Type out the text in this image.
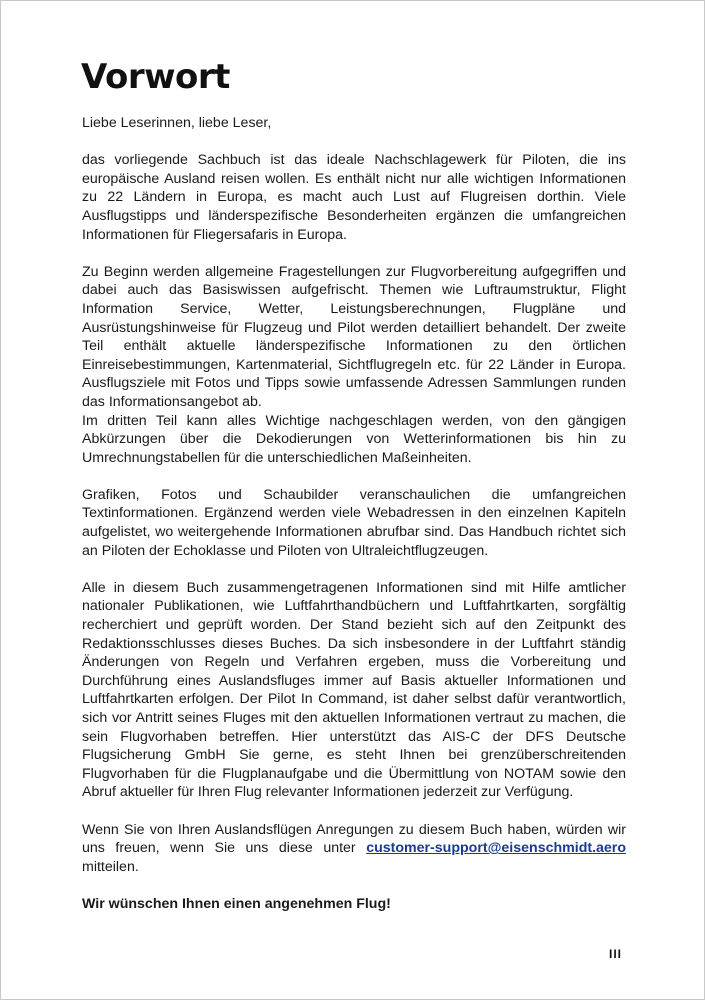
Vorwort

Liebe Leserinnen, liebe Leser,

das vorliegende Sachbuch ist das ideale Nachschlagewerk für Piloten, die ins europäische Ausland reisen wollen. Es enthält nicht nur alle wichtigen Informationen zu 22 Ländern in Europa, es macht auch Lust auf Flugreisen dorthin. Viele Ausflugstipps und länderspezifische Besonderheiten ergänzen die umfangreichen Informationen für Fliegersafaris in Europa.

Zu Beginn werden allgemeine Fragestellungen zur Flugvorbereitung aufgegriffen und dabei auch das Basiswissen aufgefrischt. Themen wie Luftraumstruktur, Flight Information Service, Wetter, Leistungsberechnungen, Flugpläne und Ausrüstungshinweise für Flugzeug und Pilot werden detailliert behandelt. Der zweite Teil enthält aktuelle länderspezifische Informationen zu den örtlichen Einreisebestimmungen, Kartenmaterial, Sichtflugregeln etc. für 22 Länder in Europa. Ausflugsziele mit Fotos und Tipps sowie umfassende Adressen Sammlungen runden das Informationsangebot ab.

Im dritten Teil kann alles Wichtige nachgeschlagen werden, von den gängigen Abkürzungen über die Dekodierungen von Wetterinformationen bis hin zu Umrechnungstabellen für die unterschiedlichen Maßeinheiten.

Grafiken, Fotos und Schaubilder veranschaulichen die umfangreichen Textinformationen. Ergänzend werden viele Webadressen in den einzelnen Kapiteln aufgelistet, wo weitergehende Informationen abrufbar sind. Das Handbuch richtet sich an Piloten der Echoklasse und Piloten von Ultraleichtflugzeugen.

Alle in diesem Buch zusammengetragenen Informationen sind mit Hilfe amtlicher nationaler Publikationen, wie Luftfahrthandbüchern und Luftfahrtkarten, sorgfältig recherchiert und geprüft worden. Der Stand bezieht sich auf den Zeitpunkt des Redaktionsschlusses dieses Buches. Da sich insbesondere in der Luftfahrt ständig Änderungen von Regeln und Verfahren ergeben, muss die Vorbereitung und Durchführung eines Auslandsfluges immer auf Basis aktueller Informationen und Luftfahrtkarten erfolgen. Der Pilot In Command, ist daher selbst dafür verantwortlich, sich vor Antritt seines Fluges mit den aktuellen Informationen vertraut zu machen, die sein Flugvorhaben betreffen. Hier unterstützt das AIS-C der DFS Deutsche Flugsicherung GmbH Sie gerne, es steht Ihnen bei grenzüberschreitenden Flugvorhaben für die Flugplanaufgabe und die Übermittlung von NOTAM sowie den Abruf aktueller für Ihren Flug relevanter Informationen jederzeit zur Verfügung.

Wenn Sie von Ihren Auslandsflügen Anregungen zu diesem Buch haben, würden wir uns freuen, wenn Sie uns diese unter customer-support@eisenschmidt.aero mitteilen.

Wir wünschen Ihnen einen angenehmen Flug!

III
